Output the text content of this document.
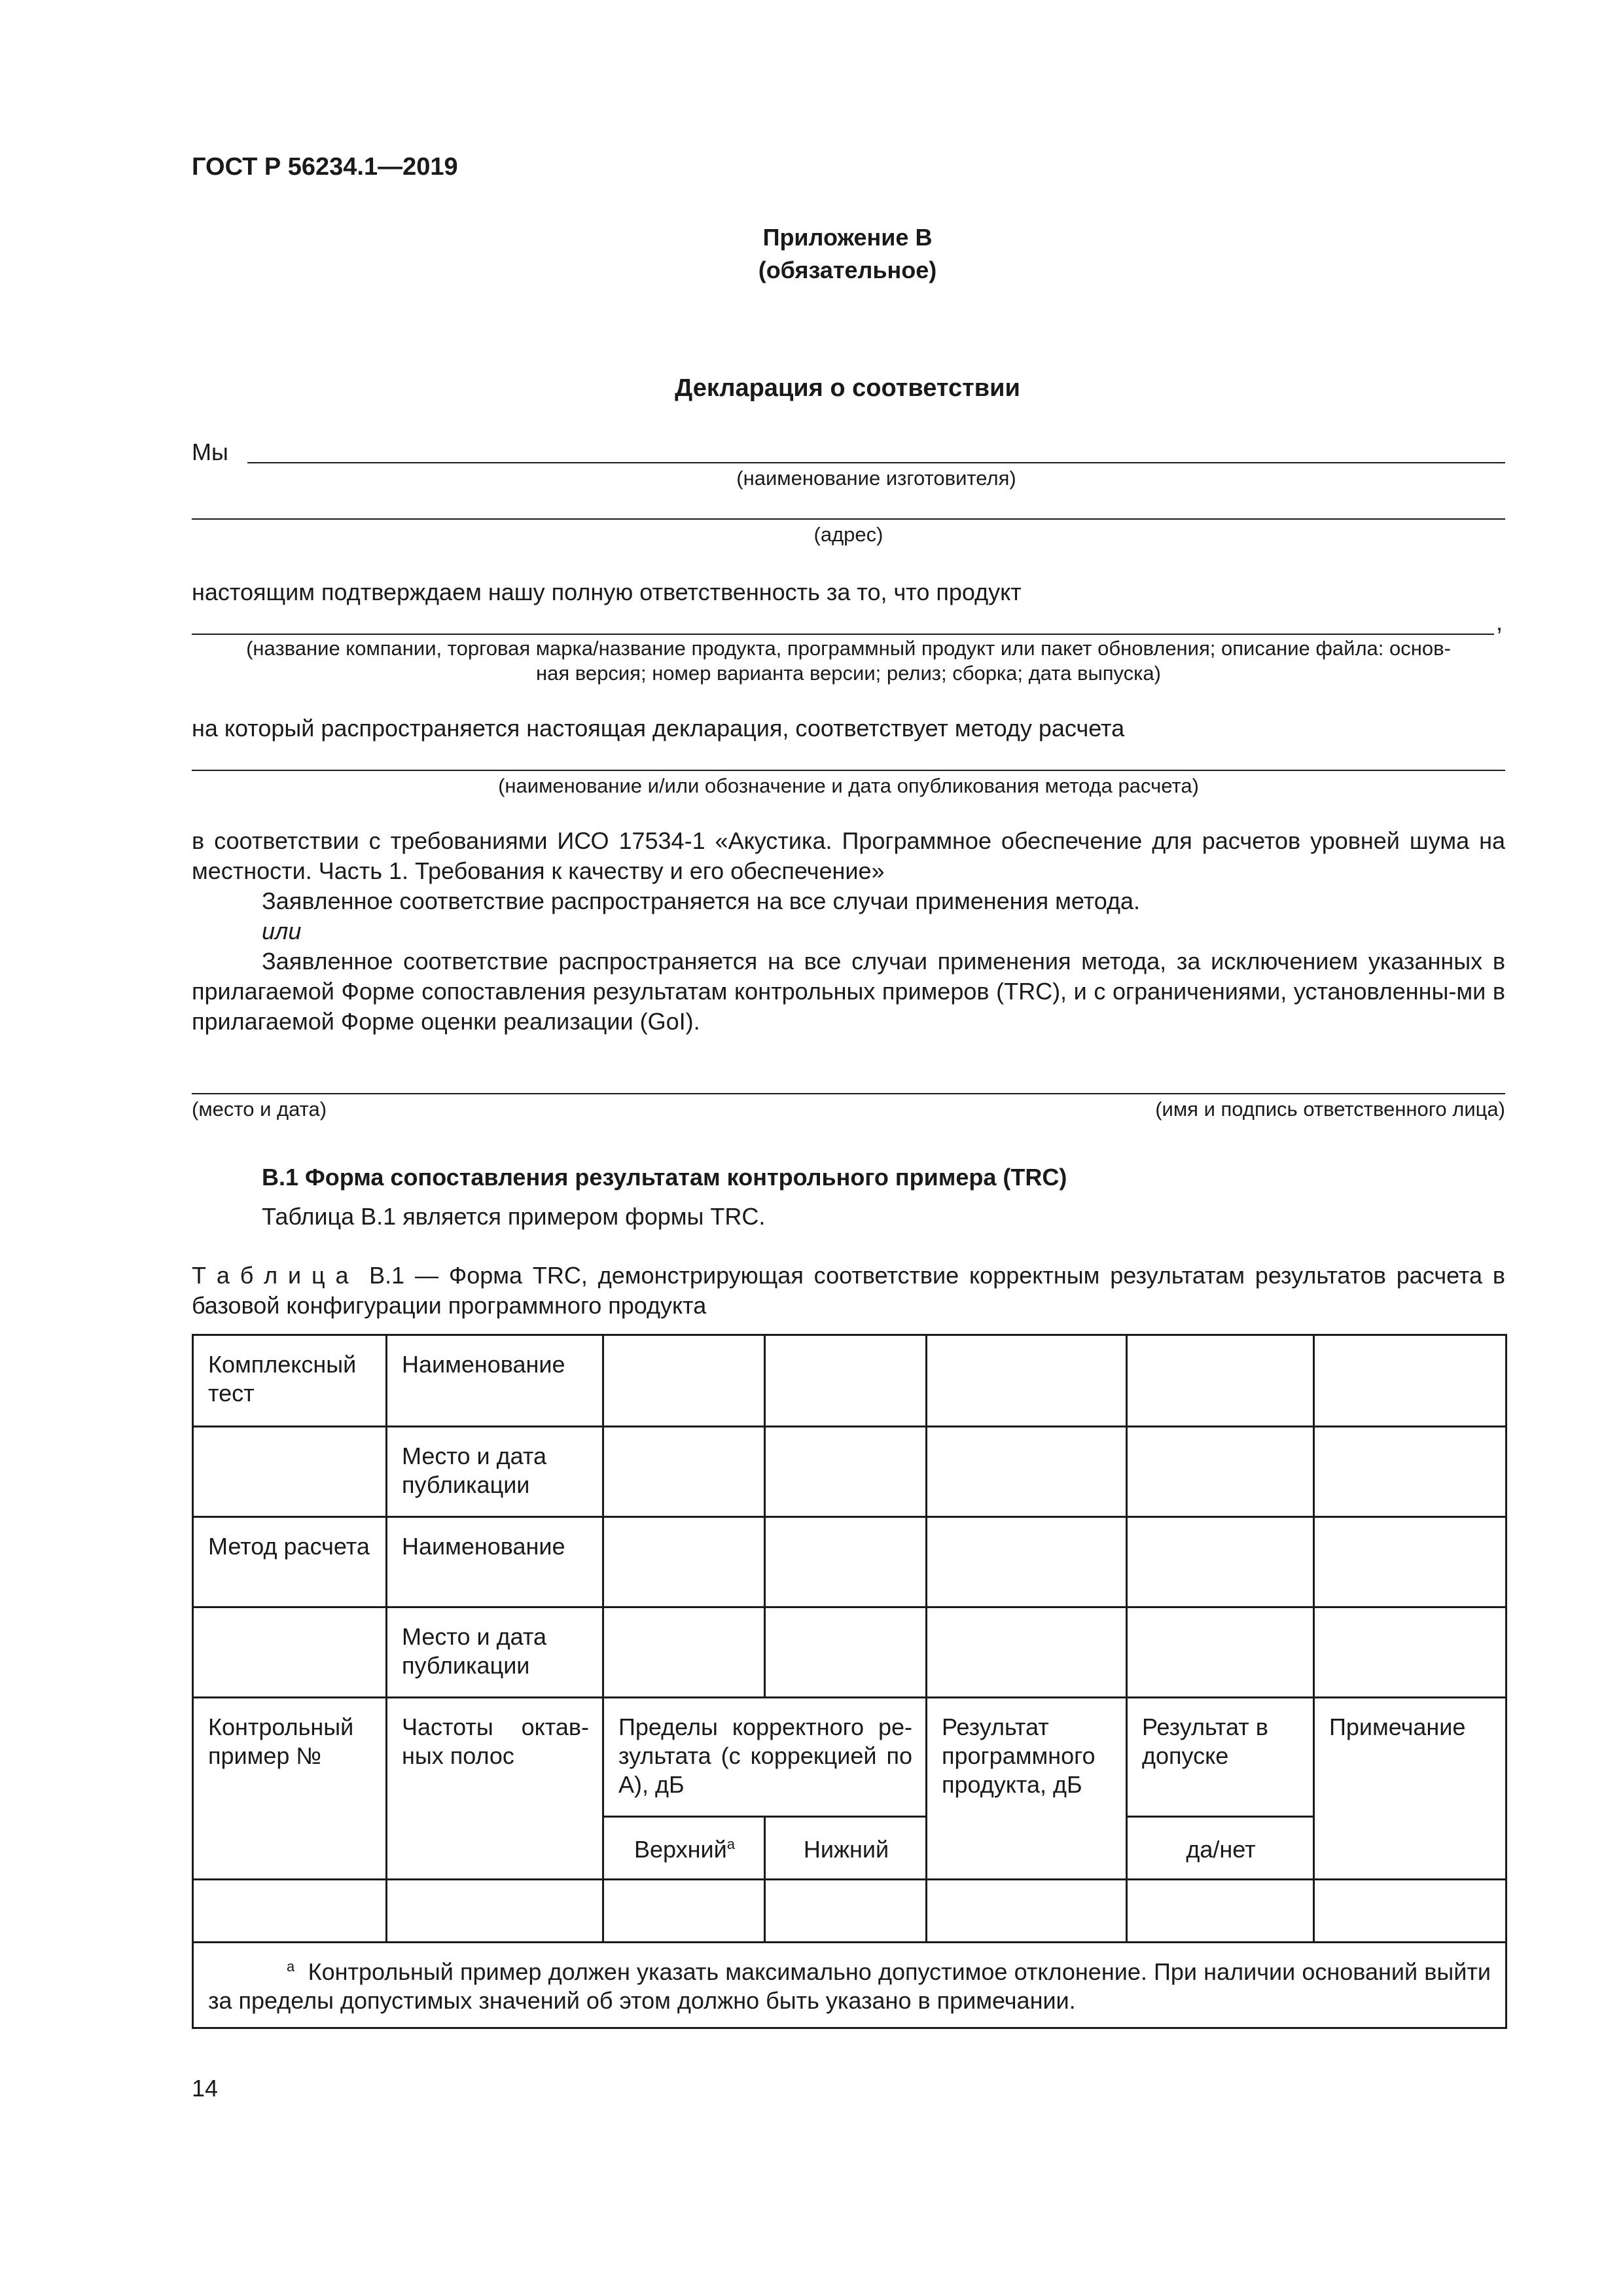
ГОСТ Р 56234.1—2019
Приложение В
(обязательное)
Декларация о соответствии
Мы
(наименование изготовителя)
(адрес)
настоящим подтверждаем нашу полную ответственность за то, что продукт
,
(название компании, торговая марка/название продукта, программный продукт или пакет обновления; описание файла: основ-
ная версия; номер варианта версии; релиз; сборка; дата выпуска)
на который распространяется настоящая декларация, соответствует методу расчета
(наименование и/или обозначение и дата опубликования метода расчета)
в соответствии с требованиями ИСО 17534-1 «Акустика. Программное обеспечение для расчетов уровней шума на местности. Часть 1. Требования к качеству и его обеспечение»
Заявленное соответствие распространяется на все случаи применения метода.
или
Заявленное соответствие распространяется на все случаи применения метода, за исключением указанных в прилагаемой Форме сопоставления результатам контрольных примеров (TRC), и с ограничениями, установленны-ми в прилагаемой Форме оценки реализации (GoI).
(место и дата)	(имя и подпись ответственного лица)
В.1 Форма сопоставления результатам контрольного примера (TRC)
Таблица В.1 является примером формы TRC.
Т а б л и ц а В.1 — Форма TRC, демонстрирующая соответствие корректным результатам результатов расчета в базовой конфигурации программного продукта
Комплексный тест	Наименование					
	Место и дата публикации					
Метод расчета	Наименование					
	Место и дата публикации					
Контрольный пример №	Частоты октав-ных полос	Пределы корректного ре-зультата (с коррекцией по А), дБ		Результат программного продукта, дБ	Результат в допуске	Примечание
		Верхний$^а$	Нижний		да/нет	

$^а$ Контрольный пример должен указать максимально допустимое отклонение. При наличии оснований выйти за пределы допустимых значений об этом должно быть указано в примечании.						
14
